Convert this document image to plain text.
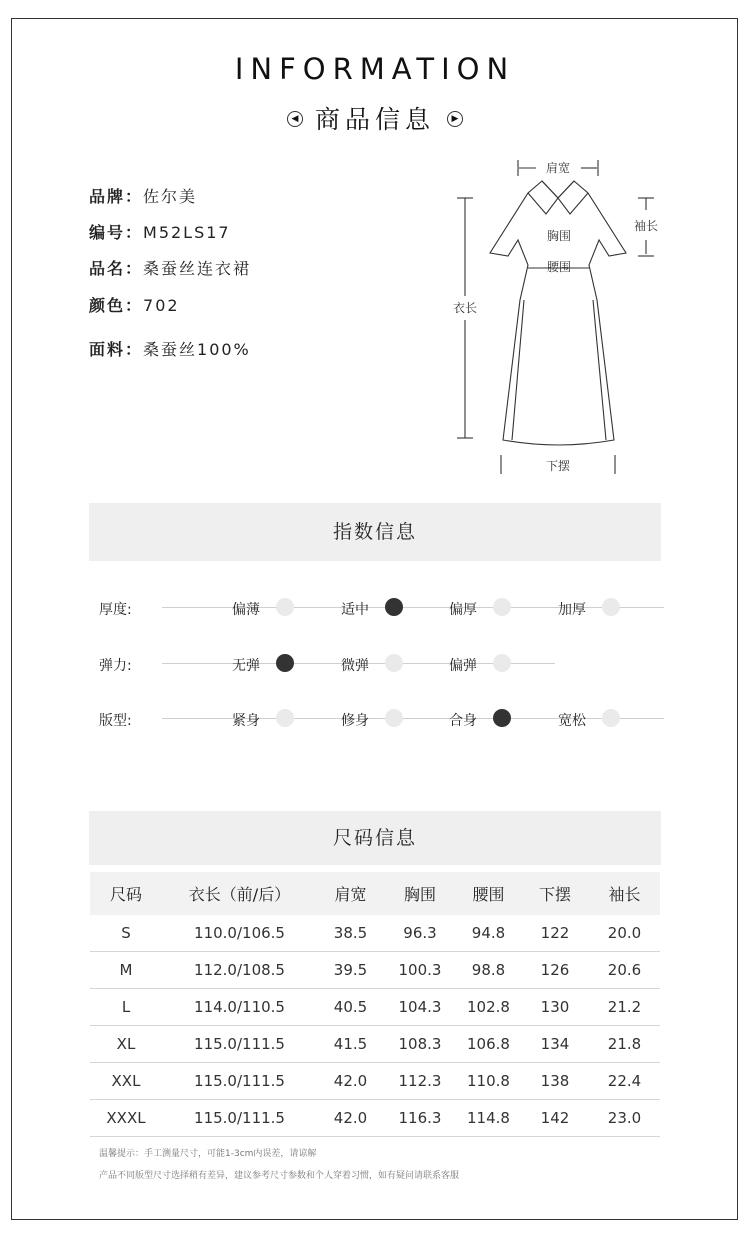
INFORMATION
◀ 商品信息 ▶
品牌：佐尔美
编号：M52LS17
品名：桑蚕丝连衣裙
颜色：702
面料：桑蚕丝100%
肩宽
袖长
胸围
腰围
衣长
下摆
指数信息
厚度:	偏薄	适中	偏厚	加厚
弹力:	无弹	微弹	偏弹
版型:	紧身	修身	合身	宽松
尺码信息
尺码	衣长（前/后）	肩宽	胸围	腰围	下摆	袖长
S	110.0/106.5	38.5	96.3	94.8	122	20.0
M	112.0/108.5	39.5	100.3	98.8	126	20.6
L	114.0/110.5	40.5	104.3	102.8	130	21.2
XL	115.0/111.5	41.5	108.3	106.8	134	21.8
XXL	115.0/111.5	42.0	112.3	110.8	138	22.4
XXXL	115.0/111.5	42.0	116.3	114.8	142	23.0
温馨提示：手工测量尺寸，可能1-3cm内误差，请谅解
产品不同版型尺寸选择稍有差异，建议参考尺寸参数和个人穿着习惯，如有疑问请联系客服
